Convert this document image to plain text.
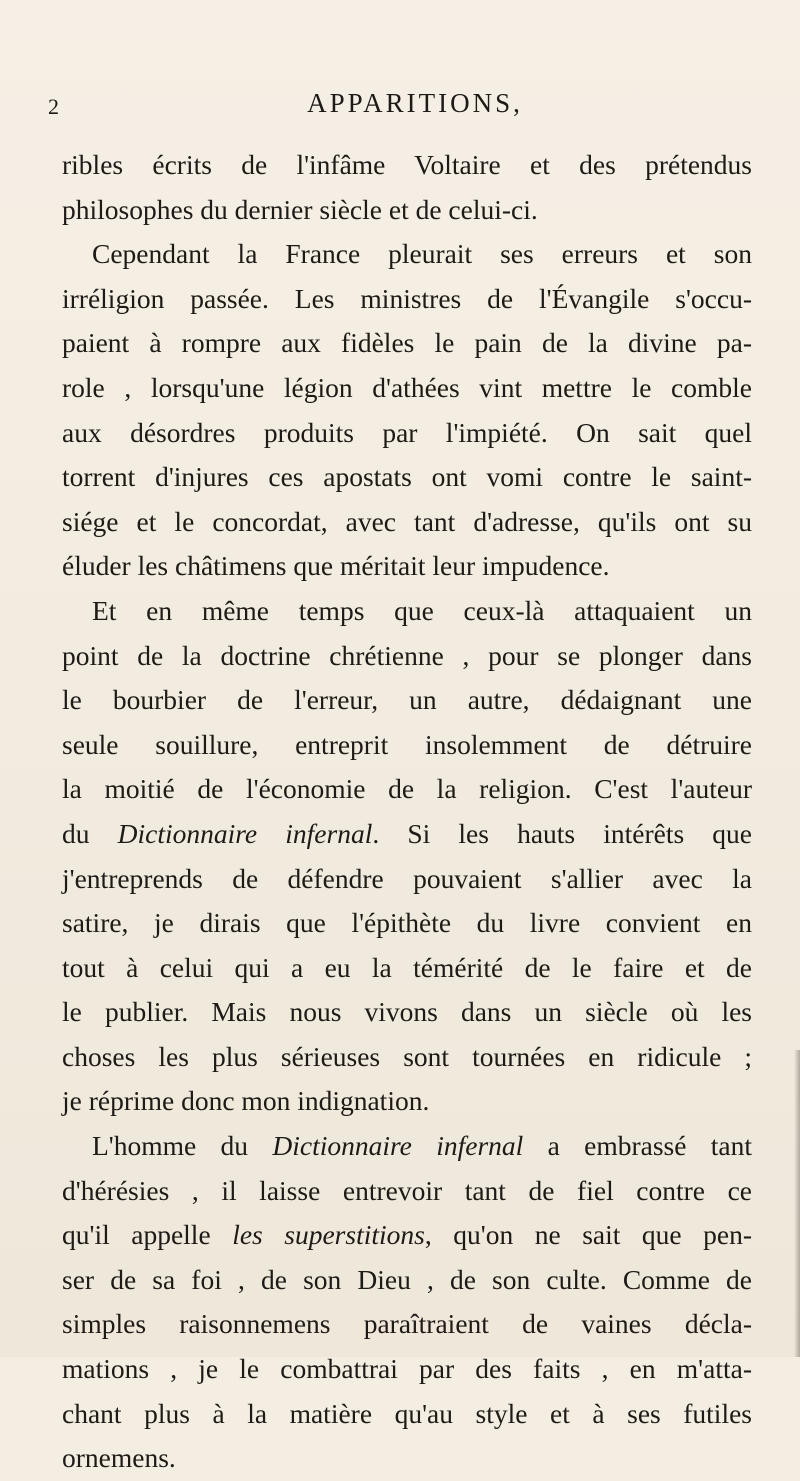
2	APPARITIONS,
ribles écrits de l'infâme Voltaire et des prétendus
philosophes du dernier siècle et de celui-ci.
Cependant la France pleurait ses erreurs et son
irréligion passée. Les ministres de l'Évangile s'occu-
paient à rompre aux fidèles le pain de la divine pa-
role , lorsqu'une légion d'athées vint mettre le comble
aux désordres produits par l'impiété. On sait quel
torrent d'injures ces apostats ont vomi contre le saint-
siége et le concordat, avec tant d'adresse, qu'ils ont su
éluder les châtimens que méritait leur impudence.
Et en même temps que ceux-là attaquaient un
point de la doctrine chrétienne , pour se plonger dans
le bourbier de l'erreur, un autre, dédaignant une
seule souillure, entreprit insolemment de détruire
la moitié de l'économie de la religion. C'est l'auteur
du Dictionnaire infernal. Si les hauts intérêts que
j'entreprends de défendre pouvaient s'allier avec la
satire, je dirais que l'épithète du livre convient en
tout à celui qui a eu la témérité de le faire et de
le publier. Mais nous vivons dans un siècle où les
choses les plus sérieuses sont tournées en ridicule ;
je réprime donc mon indignation.
L'homme du Dictionnaire infernal a embrassé tant
d'hérésies , il laisse entrevoir tant de fiel contre ce
qu'il appelle les superstitions, qu'on ne sait que pen-
ser de sa foi , de son Dieu , de son culte. Comme de
simples raisonnemens paraîtraient de vaines décla-
mations , je le combattrai par des faits , en m'atta-
chant plus à la matière qu'au style et à ses futiles
ornemens.
